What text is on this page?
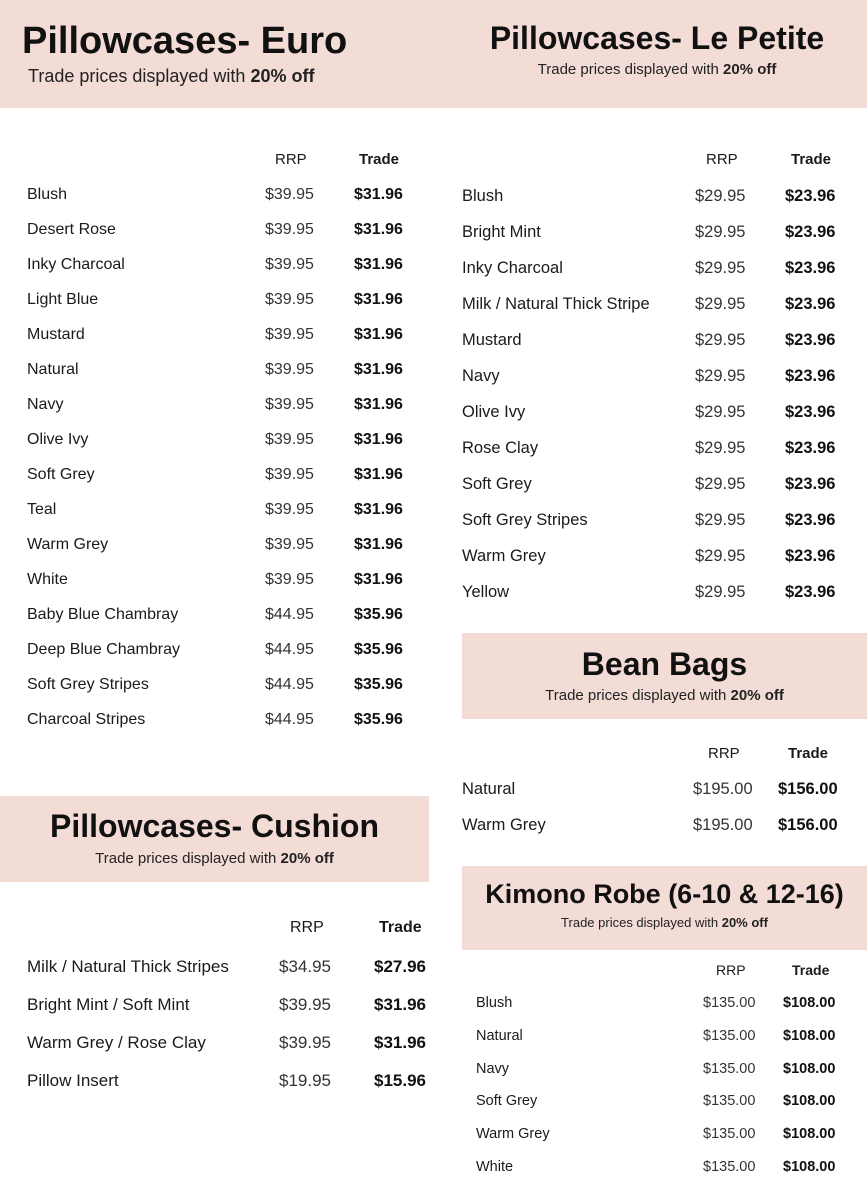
Pillowcases- Euro
Trade prices displayed with 20% off
Pillowcases- Le Petite
Trade prices displayed with 20% off
Bean Bags
Trade prices displayed with 20% off
Pillowcases- Cushion
Trade prices displayed with 20% off
Kimono Robe (6-10 & 12-16)
Trade prices displayed with 20% off
RRP	Trade
Blush	$39.95	$31.96
Desert Rose	$39.95	$31.96
Inky Charcoal	$39.95	$31.96
Light Blue	$39.95	$31.96
Mustard	$39.95	$31.96
Natural	$39.95	$31.96
Navy	$39.95	$31.96
Olive Ivy	$39.95	$31.96
Soft Grey	$39.95	$31.96
Teal	$39.95	$31.96
Warm Grey	$39.95	$31.96
White	$39.95	$31.96
Baby Blue Chambray	$44.95	$35.96
Deep Blue Chambray	$44.95	$35.96
Soft Grey Stripes	$44.95	$35.96
Charcoal Stripes	$44.95	$35.96
RRP	Trade
Blush	$29.95 $23.96
Bright Mint	$29.95 $23.96
Inky Charcoal	$29.95 $23.96
Milk / Natural Thick Stripe	$29.95 $23.96
Mustard	$29.95 $23.96
Navy	$29.95 $23.96
Olive Ivy	$29.95 $23.96
Rose Clay	$29.95 $23.96
Soft Grey	$29.95 $23.96
Soft Grey Stripes	$29.95 $23.96
Warm Grey	$29.95 $23.96
Yellow	$29.95 $23.96
RRP	Trade
Natural	$195.00 $156.00
Warm Grey	$195.00 $156.00
RRP	Trade
Milk / Natural Thick Stripes	$34.95	$27.96
Bright Mint / Soft Mint	$39.95	$31.96
Warm Grey / Rose Clay	$39.95	$31.96
Pillow Insert	$19.95	$15.96
RRP	Trade
Blush	$135.00 $108.00
Natural	$135.00 $108.00
Navy	$135.00 $108.00
Soft Grey	$135.00 $108.00
Warm Grey	$135.00 $108.00
White	$135.00 $108.00
